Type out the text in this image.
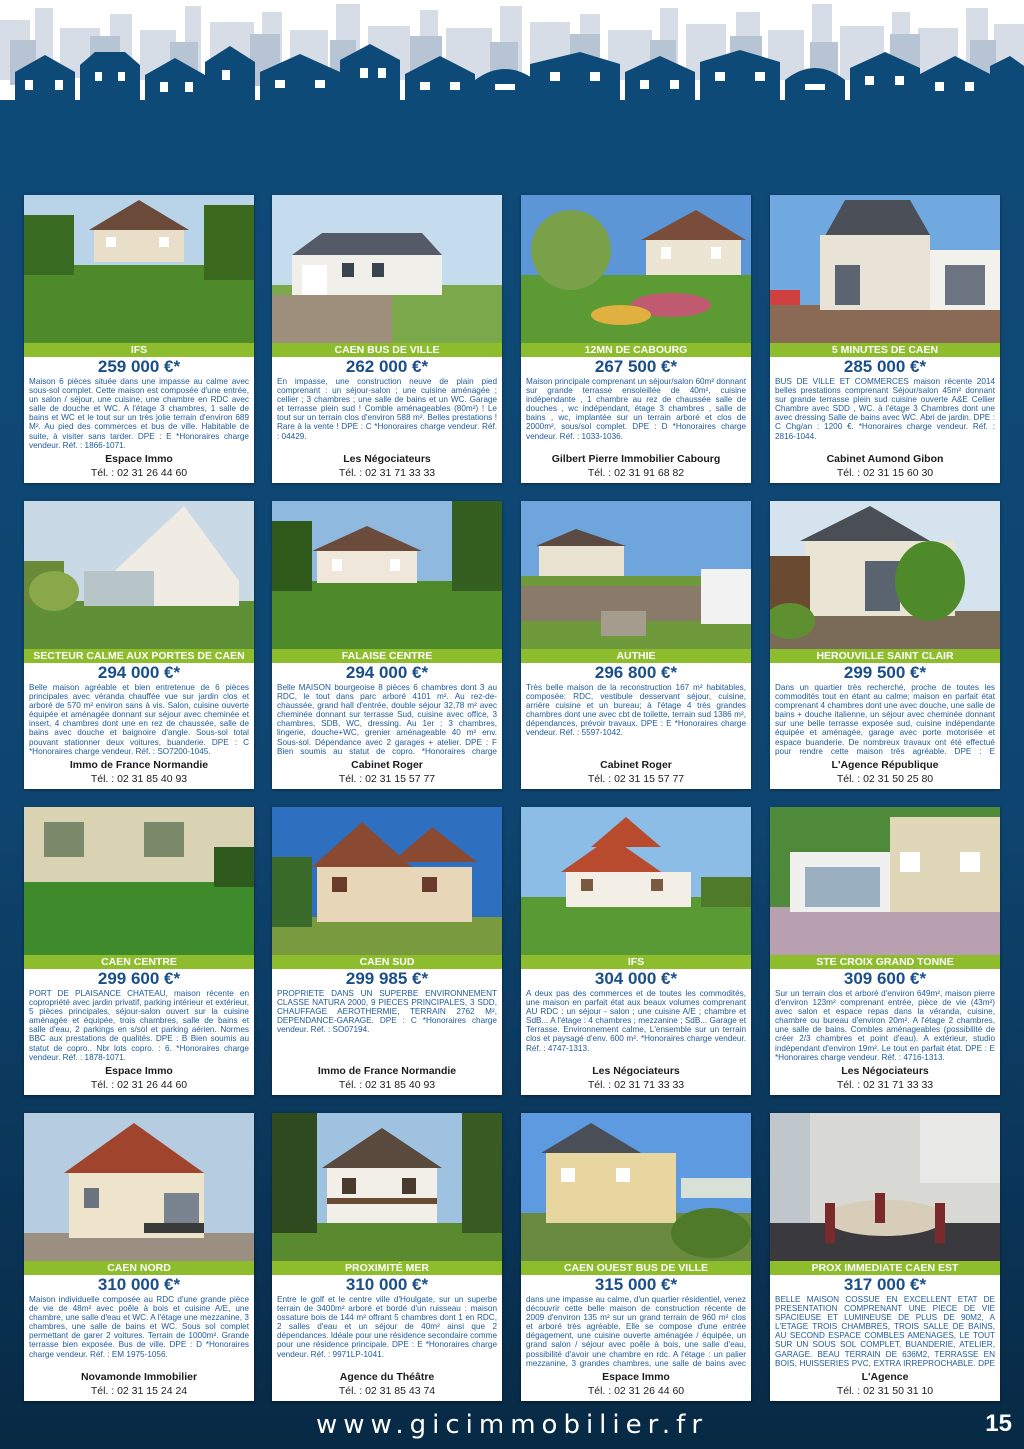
IFS
259 000 €*
Maison 6 pièces située dans une impasse au calme avec sous-sol complet. Cette maison est composée d'une entrée, un salon / séjour, une cuisine, une chambre en RDC avec salle de douche et WC. A l'étage 3 chambres, 1 salle de bains et WC et le tout sur un très jolie terrain d'environ 689 M². Au pied des commerces et bus de ville. Habitable de suite, à visiter sans tarder. DPE : E *Honoraires charge vendeur. Réf. : 1866-1071.
Espace Immo
Tél. : 02 31 26 44 60
CAEN BUS DE VILLE
262 000 €*
En impasse, une construction neuve de plain pied comprenant : un séjour-salon ; une cuisine aménagée ; cellier ; 3 chambres ; une salle de bains et un WC. Garage et terrasse plein sud ! Comble aménageables (80m²) ! Le tout sur un terrain clos d'environ 588 m². Belles prestations ! Rare à la vente ! DPE : C *Honoraires charge vendeur. Réf. : 04429.
Les Négociateurs
Tél. : 02 31 71 33 33
12MN DE CABOURG
267 500 €*
Maison principale comprenant un séjour/salon 60m² donnant sur grande terrasse ensoleillée de 40m², cuisine indépendante , 1 chambre au rez de chaussée salle de douches , wc indépendant, étage 3 chambres , salle de bains , wc, implantée sur un terrain arboré et clos de 2000m², sous/sol complet. DPE : D *Honoraires charge vendeur. Réf. : 1033-1036.
Gilbert Pierre Immobilier Cabourg
Tél. : 02 31 91 68 82
5 MINUTES DE CAEN
285 000 €*
BUS DE VILLE ET COMMERCES maison récente 2014 belles prestations comprenant Séjour/salon 45m² donnant sur grande terrasse plein sud cuisine ouverte A&E Cellier Chambre avec SDD , WC. à l'étage 3 Chambres dont une avec dressing Salle de bains avec WC. Abri de jardin. DPE : C Chg/an : 1200 €. *Honoraires charge vendeur. Réf. : 2816-1044.
Cabinet Aumond Gibon
Tél. : 02 31 15 60 30
SECTEUR CALME AUX PORTES DE CAEN
294 000 €*
Belle maison agréable et bien entretenue de 6 pièces principales avec véranda chauffée vue sur jardin clos et arboré de 570 m² environ sans à vis. Salon, cuisine ouverte équipée et aménagée donnant sur séjour avec cheminée et insert, 4 chambres dont une en rez de chaussée, salle de bains avec douche et baignoire d'angle. Sous-sol total pouvant stationner deux voitures, buanderie. DPE : C *Honoraires charge vendeur. Réf. : SO7200-1045.
Immo de France Normandie
Tél. : 02 31 85 40 93
FALAISE CENTRE
294 000 €*
Belle MAISON bourgeoise 8 pièces 6 chambres dont 3 au RDC, le tout dans parc arboré 4101 m². Au rez-de-chaussée, grand hall d'entrée, double séjour 32,78 m² avec cheminée donnant sur terrasse Sud, cuisine avec office, 3 chambres, SDB, WC, dressing. Au 1er : 3 chambres, lingerie, douche+WC, grenier aménageable 40 m² env. Sous-sol. Dépendance avec 2 garages + atelier. DPE : F Bien soumis au statut de copro. *Honoraires charge
Cabinet Roger
Tél. : 02 31 15 57 77
AUTHIE
296 800 €*
Très belle maison de la reconstruction 167 m² habitables, composée: RDC, vestibule desservant séjour, cuisine, arrière cuisine et un bureau; à l'étage 4 très grandes chambres dont une avec cbt de toilette, terrain sud 1386 m², dépendances, prévoir travaux. DPE : E *Honoraires charge vendeur. Réf. : 5597-1042.
Cabinet Roger
Tél. : 02 31 15 57 77
HEROUVILLE SAINT CLAIR
299 500 €*
Dans un quartier très recherché, proche de toutes les commodités tout en étant au calme; maison en parfait état comprenant 4 chambres dont une avec douche, une salle de bains + douche italienne, un séjour avec cheminée donnant sur une belle terrasse exposée sud, cuisine indépendante équipée et aménagée, garage avec porte motorisée et espace buanderie. De nombreux travaux ont été effectué pour rendre cette maison très agréable. DPE : E
L'Agence République
Tél. : 02 31 50 25 80
CAEN CENTRE
299 600 €*
PORT DE PLAISANCE CHATEAU, maison récente en copropriété avec jardin privatif, parking intérieur et extérieur, 5 pièces principales, séjour-salon ouvert sur la cuisine aménagée et équipée, trois chambres, salle de bains et salle d'eau, 2 parkings en s/sol et parking aérien. Normes BBC aux prestations de qualités. DPE : B Bien soumis au statut de copro.. Nbr lots copro. : 6. *Honoraires charge vendeur. Réf. : 1878-1071.
Espace Immo
Tél. : 02 31 26 44 60
CAEN SUD
299 985 €*
PROPRIETE DANS UN SUPERBE ENVIRONNEMENT CLASSE NATURA 2000, 9 PIECES PRINCIPALES, 3 SDD, CHAUFFAGE AEROTHERMIE, TERRAIN 2762 M², DEPENDANCE-GARAGE. DPE : C *Honoraires charge vendeur. Réf. : SO07194.
Immo de France Normandie
Tél. : 02 31 85 40 93
IFS
304 000 €*
A deux pas des commerces et de toutes les commodités, une maison en parfait état aux beaux volumes comprenant AU RDC : un séjour - salon ; une cuisine A/E ; chambre et SdB... A l'étage : 4 chambres ; mezzanine ; SdB... Garage et Terrasse. Environnement calme, L'ensemble sur un terrain clos et paysagé d'env. 600 m². *Honoraires charge vendeur. Réf. : 4747-1313.
Les Négociateurs
Tél. : 02 31 71 33 33
STE CROIX GRAND TONNE
309 600 €*
Sur un terrain clos et arboré d'environ 649m², maison pierre d'environ 123m² comprenant entrée, pièce de vie (43m²) avec salon et espace repas dans la véranda, cuisine, chambre ou bureau d'environ 20m². A l'étage 2 chambres, une salle de bains. Combles aménageables (possibilité de créer 2/3 chambres et point d'eau). A extérieur, studio indépendant d'environ 19m². Le tout en parfait état. DPE : E *Honoraires charge vendeur. Réf. : 4716-1313.
Les Négociateurs
Tél. : 02 31 71 33 33
CAEN NORD
310 000 €*
Maison individuelle composée au RDC d'une grande pièce de vie de 48m² avec poêle à bois et cuisine A/E, une chambre, une salle d'eau et WC. A l'étage une mezzanine, 3 chambres, une salle de bains et WC. Sous sol complet permettant de garer 2 voitures. Terrain de 1000m². Grande terrasse bien exposée. Bus de ville. DPE : D *Honoraires charge vendeur. Réf. : EM 1975-1056.
Novamonde Immobilier
Tél. : 02 31 15 24 24
PROXIMITÉ MER
310 000 €*
Entre le golf et le centre ville d'Houlgate, sur un superbe terrain de 3400m² arboré et bordé d'un ruisseau : maison ossature bois de 144 m² offrant 5 chambres dont 1 en RDC, 2 salles d'eau et un séjour de 40m² ainsi que 2 dépendances. Idéale pour une résidence secondaire comme pour une résidence principale. DPE : E *Honoraires charge vendeur. Réf. : 9971LP-1041.
Agence du Théâtre
Tél. : 02 31 85 43 74
CAEN OUEST BUS DE VILLE
315 000 €*
dans une impasse au calme, d'un quartier résidentiel, venez découvrir cette belle maison de construction récente de 2009 d'environ 135 m² sur un grand terrain de 960 m² clos et arboré très agréable. Elle se compose d'une entrée dégagement, une cuisine ouverte aménagée / équipée, un grand salon / séjour avec poêle à bois, une salle d'eau, possibilité d'avoir une chambre en rdc. A l'étage : un palier mezzanine, 3 grandes chambres, une salle de bains avec
Espace Immo
Tél. : 02 31 26 44 60
PROX IMMEDIATE CAEN EST
317 000 €*
BELLE MAISON COSSUE EN EXCELLENT ETAT DE PRESENTATION COMPRENANT UNE PIECE DE VIE SPACIEUSE ET LUMINEUSE DE PLUS DE 90M2, A L'ETAGE TROIS CHAMBRES, TROIS SALLE DE BAINS, AU SECOND ESPACE COMBLES AMENAGES, LE TOUT SUR UN SOUS SOL COMPLET, BUANDERIE, ATELIER, GARAGE. BEAU TERRAIN DE 636M2, TERRASSE EN BOIS, HUISSERIES PVC, EXTRA IRREPROCHABLE. DPE
L'Agence
Tél. : 02 31 50 31 10
www.gicimmobilier.fr	15
